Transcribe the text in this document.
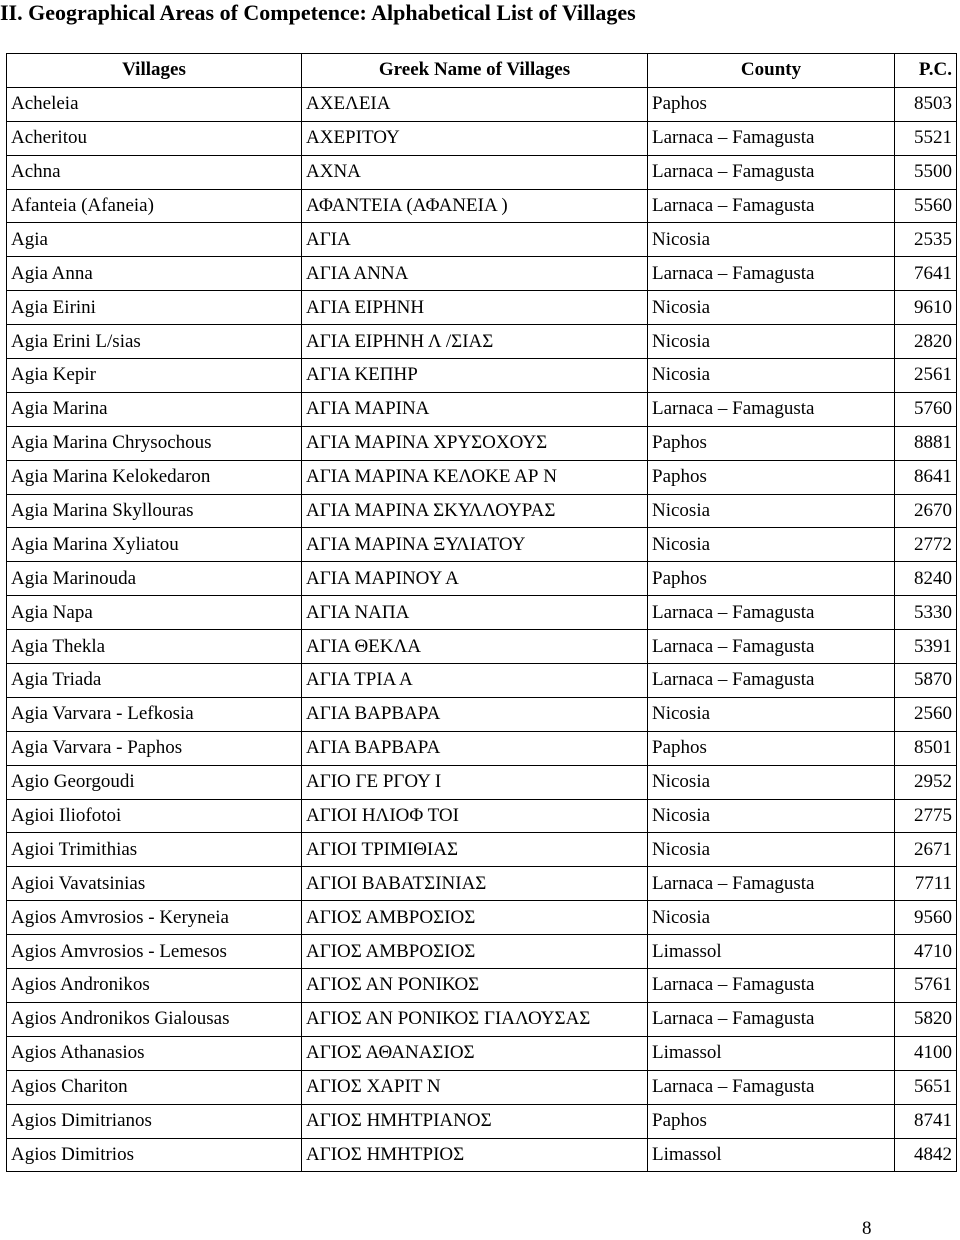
II. Geographical Areas of Competence: Alphabetical List of Villages
Villages	Greek Name of Villages	County	P.C.
Acheleia	ΑΧΕΛΕΙΑ	Paphos	8503
Acheritou	ΑΧΕΡΙΤΟΥ	Larnaca – Famagusta	5521
Achna	ΑΧΝΑ	Larnaca – Famagusta	5500
Afanteia (Afaneia)	ΑΦΑΝΤΕΙΑ (ΑΦΑΝΕΙΑ )	Larnaca – Famagusta	5560
Agia	ΑΓΙΑ	Nicosia	2535
Agia Anna	ΑΓΙΑ ΑΝΝΑ	Larnaca – Famagusta	7641
Agia Eirini	ΑΓΙΑ ΕΙΡΗΝΗ	Nicosia	9610
Agia Erini L/sias	ΑΓΙΑ ΕΙΡΗΝΗ Λ /ΣΙΑΣ	Nicosia	2820
Agia Kepir	ΑΓΙΑ ΚΕΠΗΡ	Nicosia	2561
Agia Marina	ΑΓΙΑ ΜΑΡΙΝΑ	Larnaca – Famagusta	5760
Agia Marina Chrysochous	ΑΓΙΑ ΜΑΡΙΝΑ ΧΡΥΣΟΧΟΥΣ	Paphos	8881
Agia Marina Kelokedaron	ΑΓΙΑ ΜΑΡΙΝΑ ΚΕΛΟΚΕ ΑΡ Ν	Paphos	8641
Agia Marina Skyllouras	ΑΓΙΑ ΜΑΡΙΝΑ ΣΚΥΛΛΟΥΡΑΣ	Nicosia	2670
Agia Marina Xyliatou	ΑΓΙΑ ΜΑΡΙΝΑ ΞΥΛΙΑΤΟΥ	Nicosia	2772
Agia Marinouda	ΑΓΙΑ ΜΑΡΙΝΟΥ Α	Paphos	8240
Agia Napa	ΑΓΙΑ ΝΑΠΑ	Larnaca – Famagusta	5330
Agia Thekla	ΑΓΙΑ ΘΕΚΛΑ	Larnaca – Famagusta	5391
Agia Triada	ΑΓΙΑ ΤΡΙΑ Α	Larnaca – Famagusta	5870
Agia Varvara - Lefkosia	ΑΓΙΑ ΒΑΡΒΑΡΑ	Nicosia	2560
Agia Varvara - Paphos	ΑΓΙΑ ΒΑΡΒΑΡΑ	Paphos	8501
Agio Georgoudi	ΑΓΙΟ ΓΕ ΡΓΟΥ Ι	Nicosia	2952
Agioi Iliofotoi	ΑΓΙΟΙ ΗΛΙΟΦ ΤΟΙ	Nicosia	2775
Agioi Trimithias	ΑΓΙΟΙ ΤΡΙΜΙΘΙΑΣ	Nicosia	2671
Agioi Vavatsinias	ΑΓΙΟΙ ΒΑΒΑΤΣΙΝΙΑΣ	Larnaca – Famagusta	7711
Agios Amvrosios - Keryneia	ΑΓΙΟΣ ΑΜΒΡΟΣΙΟΣ	Nicosia	9560
Agios Amvrosios - Lemesos	ΑΓΙΟΣ ΑΜΒΡΟΣΙΟΣ	Limassol	4710
Agios Andronikos	ΑΓΙΟΣ ΑΝ ΡΟΝΙΚΟΣ	Larnaca – Famagusta	5761
Agios Andronikos Gialousas	ΑΓΙΟΣ ΑΝ ΡΟΝΙΚΟΣ ΓΙΑΛΟΥΣΑΣ	Larnaca – Famagusta	5820
Agios Athanasios	ΑΓΙΟΣ ΑΘΑΝΑΣΙΟΣ	Limassol	4100
Agios Chariton	ΑΓΙΟΣ ΧΑΡΙΤ Ν	Larnaca – Famagusta	5651
Agios Dimitrianos	ΑΓΙΟΣ ΗΜΗΤΡΙΑΝΟΣ	Paphos	8741
Agios Dimitrios	ΑΓΙΟΣ ΗΜΗΤΡΙΟΣ	Limassol	4842
8
